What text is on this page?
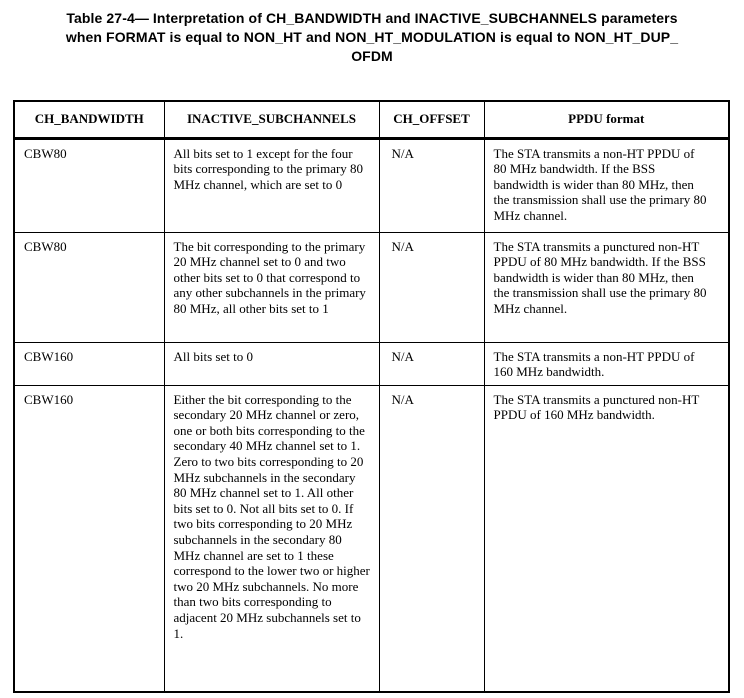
Table 27-4— Interpretation of CH_BANDWIDTH and INACTIVE_SUBCHANNELS parameters
when FORMAT is equal to NON_HT and NON_HT_MODULATION is equal to NON_HT_DUP_
OFDM
CH_BANDWIDTH	INACTIVE_SUBCHANNELS	CH_OFFSET	PPDU format
CBW80	All bits set to 1 except for the four bits corresponding to the primary 80 MHz channel, which are set to 0	N/A	The STA transmits a non-HT PPDU of 80 MHz bandwidth. If the BSS bandwidth is wider than 80 MHz, then the transmission shall use the primary 80 MHz channel.
CBW80	The bit corresponding to the primary 20 MHz channel set to 0 and two other bits set to 0 that correspond to any other subchannels in the primary 80 MHz, all other bits set to 1	N/A	The STA transmits a punctured non-HT PPDU of 80 MHz bandwidth. If the BSS bandwidth is wider than 80 MHz, then the transmission shall use the primary 80 MHz channel.
CBW160	All bits set to 0	N/A	The STA transmits a non-HT PPDU of 160 MHz bandwidth.
CBW160	Either the bit corresponding to the secondary 20 MHz channel or zero, one or both bits corresponding to the secondary 40 MHz channel set to 1. Zero to two bits corresponding to 20 MHz subchannels in the secondary 80 MHz channel set to 1. All other bits set to 0. Not all bits set to 0. If two bits corresponding to 20 MHz subchannels in the secondary 80 MHz channel are set to 1 these correspond to the lower two or higher two 20 MHz subchannels. No more than two bits corresponding to adjacent 20 MHz subchannels set to 1.	N/A	The STA transmits a punctured non-HT PPDU of 160 MHz bandwidth.
